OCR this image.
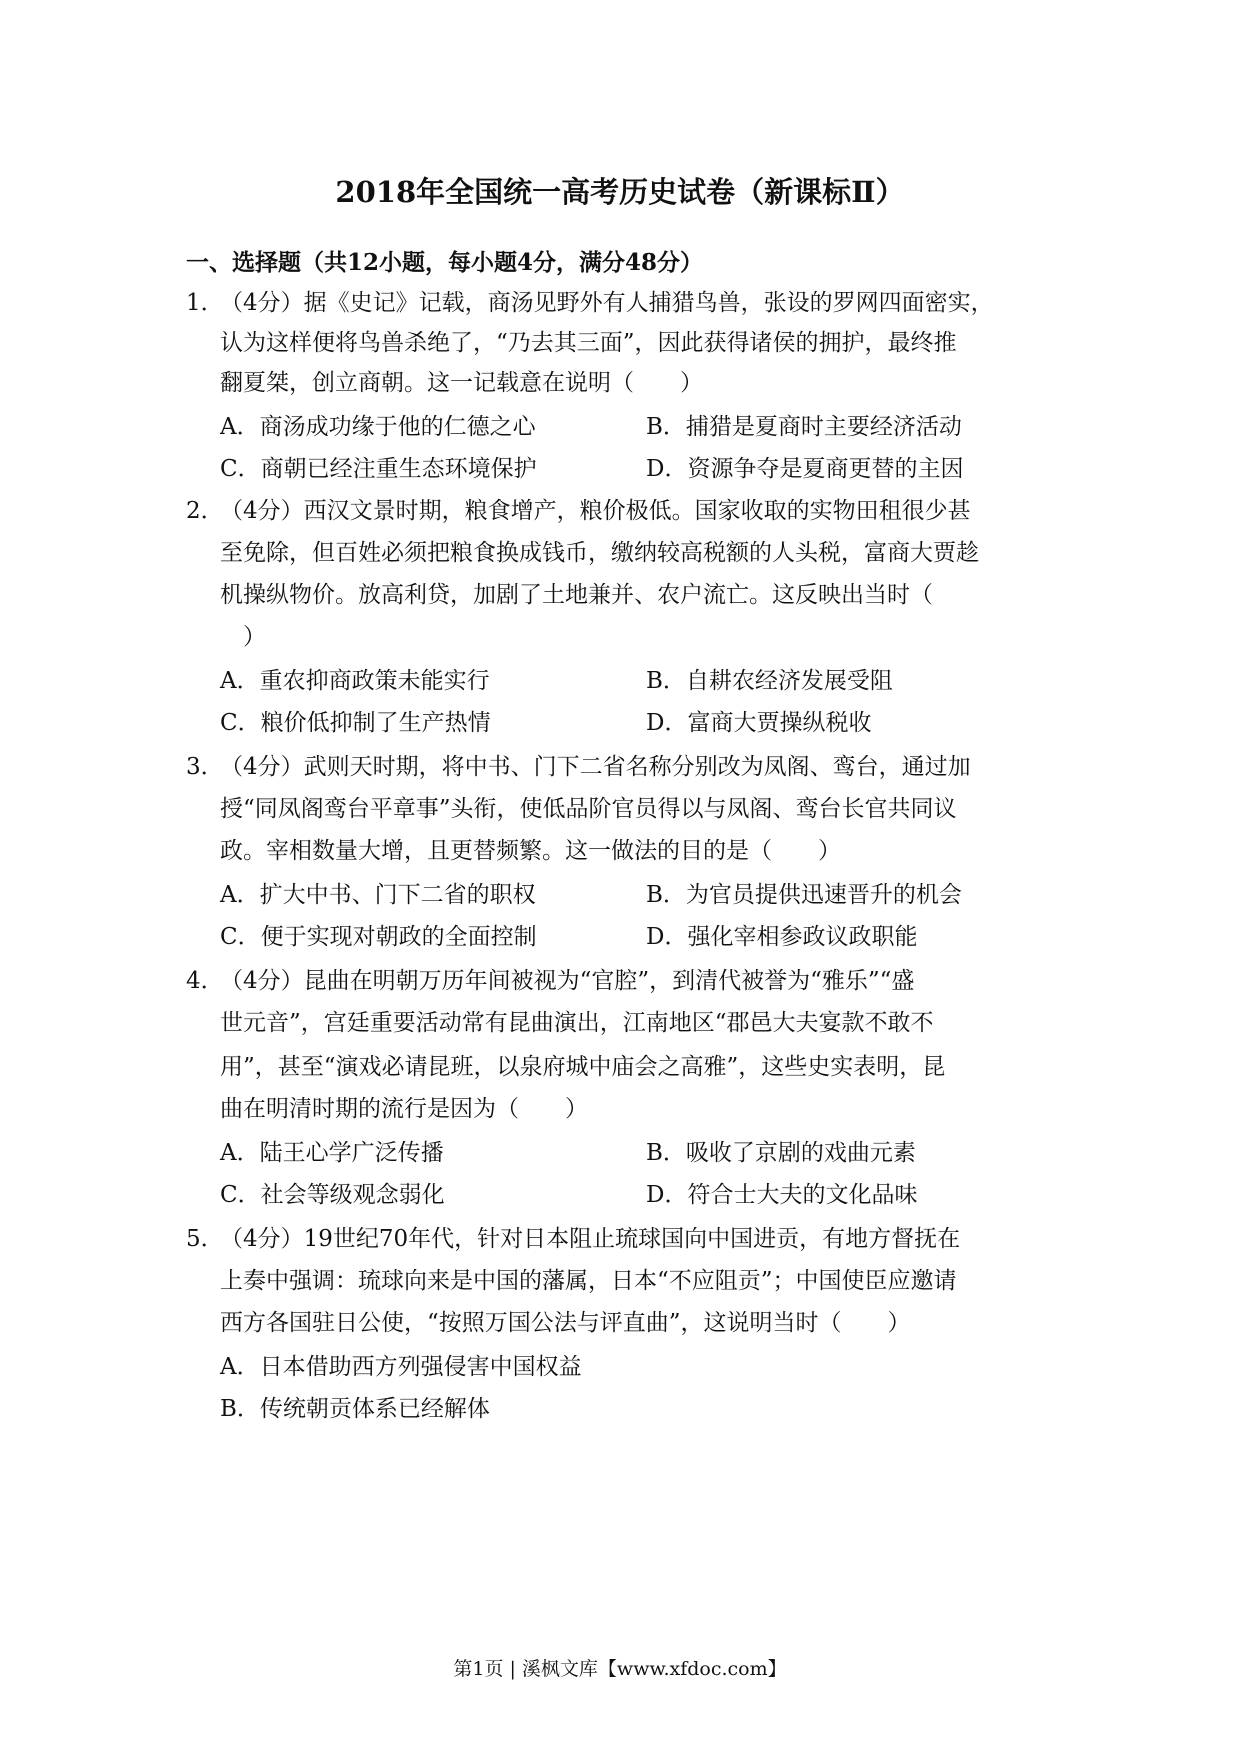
2018年全国统一高考历史试卷（新课标Ⅱ）
一、选择题（共12小题，每小题4分，满分48分）
1．
（4分）据《史记》记载，商汤见野外有人捕猎鸟兽，张设的罗网四面密实，
认为这样便将鸟兽杀绝了，“乃去其三面”，因此获得诸侯的拥护，最终推
翻夏桀，创立商朝。这一记载意在说明（　　）
A．商汤成功缘于他的仁德之心	B．捕猎是夏商时主要经济活动
C．商朝已经注重生态环境保护	D．资源争夺是夏商更替的主因
2．
（4分）西汉文景时期，粮食增产，粮价极低。国家收取的实物田租很少甚
至免除，但百姓必须把粮食换成钱币，缴纳较高税额的人头税，富商大贾趁
机操纵物价。放高利贷，加剧了土地兼并、农户流亡。这反映出当时（
　）
A．重农抑商政策未能实行	B．自耕农经济发展受阻
C．粮价低抑制了生产热情	D．富商大贾操纵税收
3．
（4分）武则天时期，将中书、门下二省名称分别改为凤阁、鸾台，通过加
授“同凤阁鸾台平章事”头衔，使低品阶官员得以与凤阁、鸾台长官共同议
政。宰相数量大增，且更替频繁。这一做法的目的是（　　）
A．扩大中书、门下二省的职权	B．为官员提供迅速晋升的机会
C．便于实现对朝政的全面控制	D．强化宰相参政议政职能
4．
（4分）昆曲在明朝万历年间被视为“官腔”，到清代被誉为“雅乐”“盛
世元音”，宫廷重要活动常有昆曲演出，江南地区“郡邑大夫宴款不敢不
用”，甚至“演戏必请昆班，以泉府城中庙会之高雅”，这些史实表明，昆
曲在明清时期的流行是因为（　　）
A．陆王心学广泛传播	B．吸收了京剧的戏曲元素
C．社会等级观念弱化	D．符合士大夫的文化品味
5．
（4分）19世纪70年代，针对日本阻止琉球国向中国进贡，有地方督抚在
上奏中强调：琉球向来是中国的藩属，日本“不应阻贡”；中国使臣应邀请
西方各国驻日公使，“按照万国公法与评直曲”，这说明当时（　　）
A．日本借助西方列强侵害中国权益
B．传统朝贡体系已经解体
第1页 | 溪枫文库【www.xfdoc.com】
